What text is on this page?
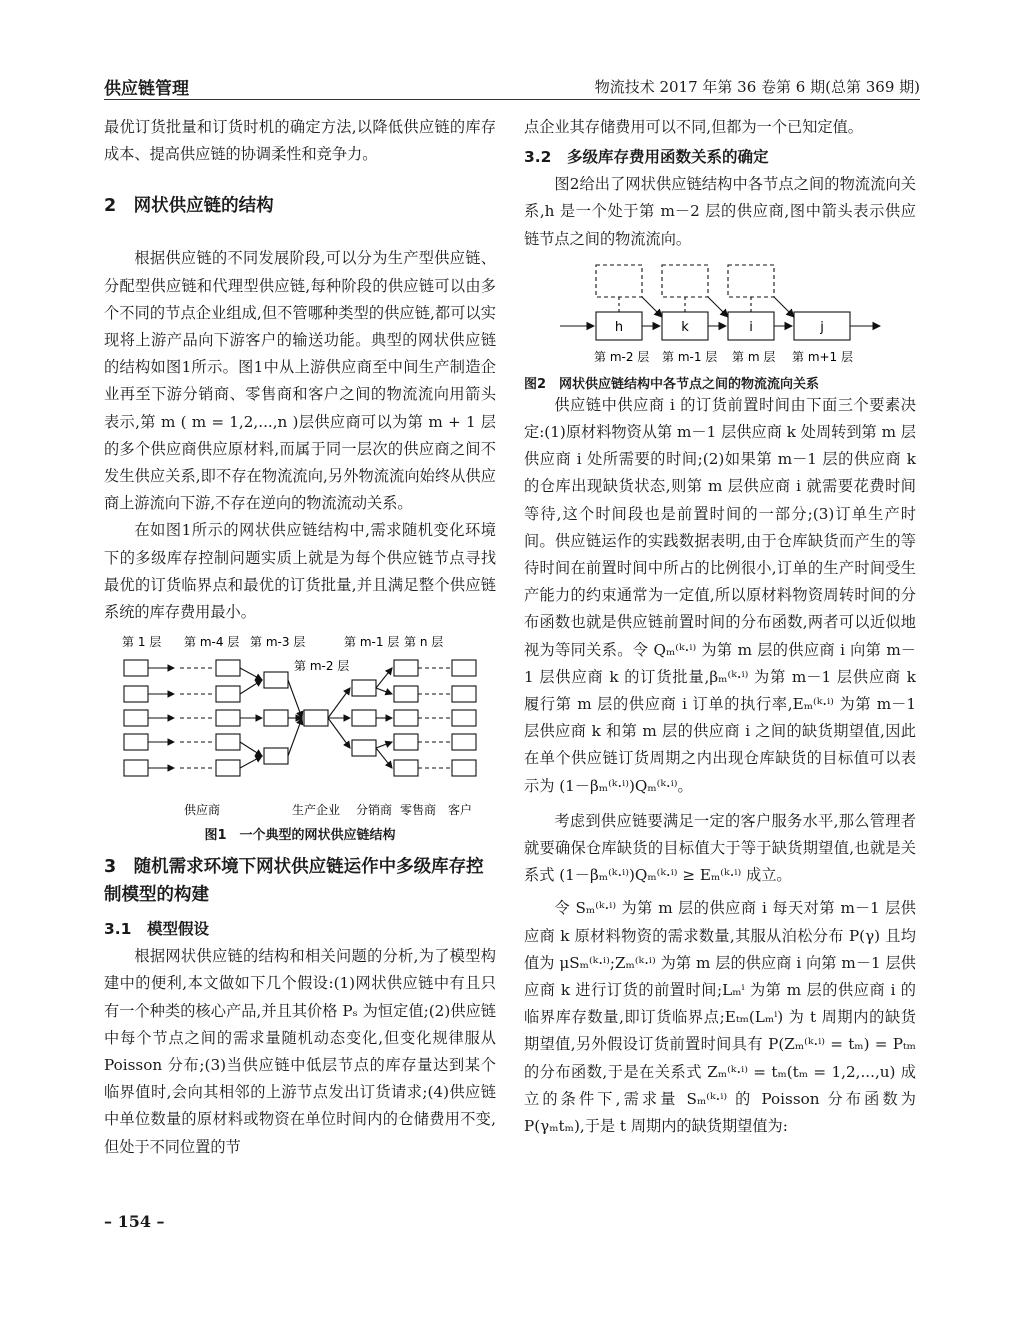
供应链管理	物流技术 2017 年第 36 卷第 6 期(总第 369 期)

最优订货批量和订货时机的确定方法,以降低供应链的库存成本、提高供应链的协调柔性和竞争力。

2　网状供应链的结构

根据供应链的不同发展阶段,可以分为生产型供应链、分配型供应链和代理型供应链,每种阶段的供应链可以由多个不同的节点企业组成,但不管哪种类型的供应链,都可以实现将上游产品向下游客户的输送功能。典型的网状供应链的结构如图1所示。图1中从上游供应商至中间生产制造企业再至下游分销商、零售商和客户之间的物流流向用箭头表示,第 m ( m = 1,2,...,n )层供应商可以为第 m + 1 层的多个供应商供应原材料,而属于同一层次的供应商之间不发生供应关系,即不存在物流流向,另外物流流向始终从供应商上游流向下游,不存在逆向的物流流动关系。

在如图1所示的网状供应链结构中,需求随机变化环境下的多级库存控制问题实质上就是为每个供应链节点寻找最优的订货临界点和最优的订货批量,并且满足整个供应链系统的库存费用最小。

第 1 层 第 m-4 层 第 m-3 层	第 m-1 层 第 n 层
第 m-2 层
供应商	生产企业 分销商 零售商 客户

图1　一个典型的网状供应链结构

3　随机需求环境下网状供应链运作中多级库存控制模型的构建

3.1　模型假设

根据网状供应链的结构和相关问题的分析,为了模型构建中的便利,本文做如下几个假设:(1)网状供应链中有且只有一个种类的核心产品,并且其价格 Pₛ 为恒定值;(2)供应链中每个节点之间的需求量随机动态变化,但变化规律服从 Poisson 分布;(3)当供应链中低层节点的库存量达到某个临界值时,会向其相邻的上游节点发出订货请求;(4)供应链中单位数量的原材料或物资在单位时间内的仓储费用不变,但处于不同位置的节

点企业其存储费用可以不同,但都为一个已知定值。

3.2　多级库存费用函数关系的确定

图2给出了网状供应链结构中各节点之间的物流流向关系,h 是一个处于第 m－2 层的供应商,图中箭头表示供应链节点之间的物流流向。

h	k	i	j
第 m-2 层 第 m-1 层 第 m 层 第 m+1 层

图2　网状供应链结构中各节点之间的物流流向关系

供应链中供应商 i 的订货前置时间由下面三个要素决定:(1)原材料物资从第 m－1 层供应商 k 处周转到第 m 层供应商 i 处所需要的时间;(2)如果第 m－1 层的供应商 k 的仓库出现缺货状态,则第 m 层供应商 i 就需要花费时间等待,这个时间段也是前置时间的一部分;(3)订单生产时间。供应链运作的实践数据表明,由于仓库缺货而产生的等待时间在前置时间中所占的比例很小,订单的生产时间受生产能力的约束通常为一定值,所以原材料物资周转时间的分布函数也就是供应链前置时间的分布函数,两者可以近似地视为等同关系。令 Qₘ⁽ᵏ·ⁱ⁾ 为第 m 层的供应商 i 向第 m－1 层供应商 k 的订货批量,βₘ⁽ᵏ·ⁱ⁾ 为第 m－1 层供应商 k 履行第 m 层的供应商 i 订单的执行率,Eₘ⁽ᵏ·ⁱ⁾ 为第 m－1 层供应商 k 和第 m 层的供应商 i 之间的缺货期望值,因此在单个供应链订货周期之内出现仓库缺货的目标值可以表示为 (1－βₘ⁽ᵏ·ⁱ⁾)Qₘ⁽ᵏ·ⁱ⁾。

考虑到供应链要满足一定的客户服务水平,那么管理者就要确保仓库缺货的目标值大于等于缺货期望值,也就是关系式 (1－βₘ⁽ᵏ·ⁱ⁾)Qₘ⁽ᵏ·ⁱ⁾ ≥ Eₘ⁽ᵏ·ⁱ⁾ 成立。

令 Sₘ⁽ᵏ·ⁱ⁾ 为第 m 层的供应商 i 每天对第 m－1 层供应商 k 原材料物资的需求数量,其服从泊松分布 P(γ) 且均值为 μSₘ⁽ᵏ·ⁱ⁾;Zₘ⁽ᵏ·ⁱ⁾ 为第 m 层的供应商 i 向第 m－1 层供应商 k 进行订货的前置时间;Lₘⁱ 为第 m 层的供应商 i 的临界库存数量,即订货临界点;Eₜₘ(Lₘⁱ) 为 t 周期内的缺货期望值,另外假设订货前置时间具有 P(Zₘ⁽ᵏ·ⁱ⁾ = tₘ) = Pₜₘ 的分布函数,于是在关系式 Zₘ⁽ᵏ·ⁱ⁾ = tₘ(tₘ = 1,2,...,u) 成立的条件下,需求量 Sₘ⁽ᵏ·ⁱ⁾ 的 Poisson 分布函数为 P(γₘtₘ),于是 t 周期内的缺货期望值为:

– 154 –
